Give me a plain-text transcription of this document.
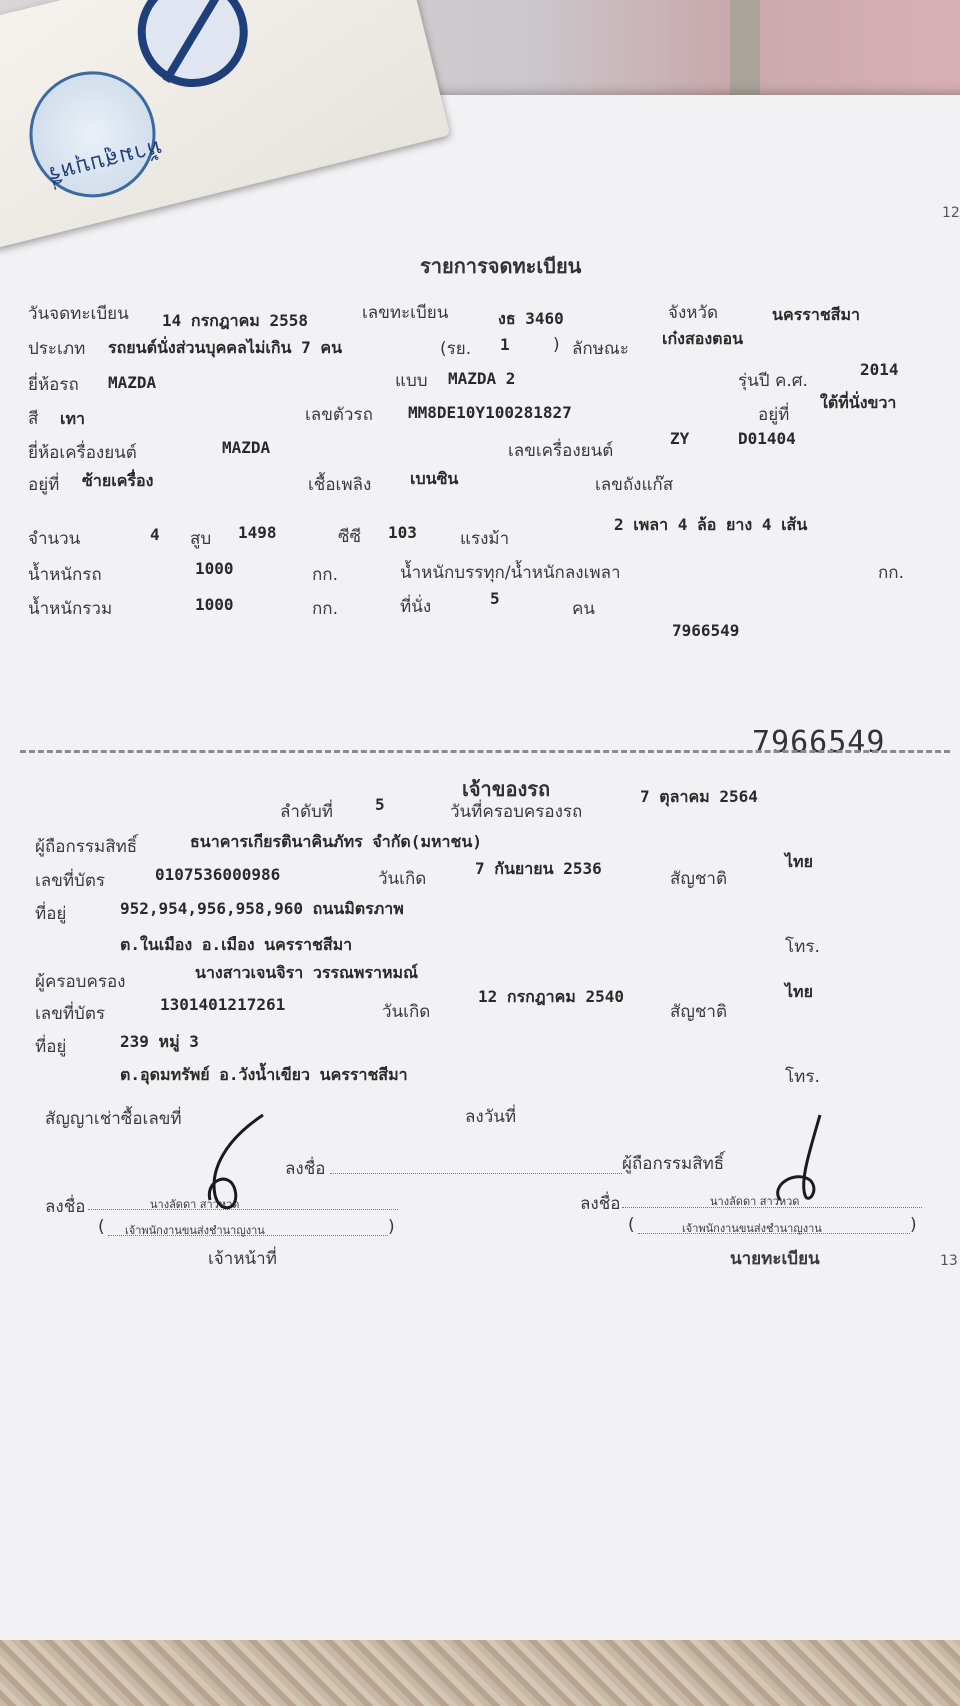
12
รายการจดทะเบียน
วันจดทะเบียน 14 กรกฎาคม 2558	เลขทะเบียน	งธ 3460	จังหวัด	นครราชสีมา
ประเภท รถยนต์นั่งส่วนบุคคลไม่เกิน 7 คน	(รย. 1	) ลักษณะ
เก๋งสองตอน
ยี่ห้อรถ MAZDA	แบบ MAZDA 2	รุ่นปี ค.ศ.
2014
สี เทา	เลขตัวรถ MM8DE10Y100281827	อยู่ที่
ใต้ที่นั่งขวา
ยี่ห้อเครื่องยนต์	MAZDA	เลขเครื่องยนต์
ZY	D01404
อยู่ที่ ซ้ายเครื่อง	เชื้อเพลิง เบนซิน	เลขถังแก๊ส
จำนวน	4 สูบ 1498	ซีซี 103	แรงม้า
2 เพลา 4 ล้อ ยาง 4 เส้น
น้ำหนักรถ	1000	กก.	น้ำหนักบรรทุก/น้ำหนักลงเพลา	กก.
น้ำหนักรวม	1000	กก.	ที่นั่ง	5
คน
7966549
7966549
เจ้าของรถ
ลำดับที่	5	วันที่ครอบครองรถ
7 ตุลาคม 2564
ผู้ถือกรรมสิทธิ์	ธนาคารเกียรตินาคินภัทร จำกัด(มหาชน)
เลขที่บัตร	0107536000986	วันเกิด
7 กันยายน 2536
สัญชาติ
ไทย
ที่อยู่	952,954,956,958,960 ถนนมิตรภาพ
ต.ในเมือง อ.เมือง นครราชสีมา	โทร.
ผู้ครอบครอง	นางสาวเจนจิรา วรรณพราหมณ์
เลขที่บัตร	1301401217261	วันเกิด
12 กรกฎาคม 2540
สัญชาติ
ไทย
ที่อยู่	239 หมู่ 3
ต.อุดมทรัพย์ อ.วังน้ำเขียว นครราชสีมา	โทร.
สัญญาเช่าซื้อเลขที่	ลงวันที่
ลงชื่อ	ผู้ถือกรรมสิทธิ์
ลงชื่อ	นางลัดดา สาวหวด
( เจ้าพนักงานขนส่งชำนาญงาน	)
เจ้าหน้าที่
ลงชื่อ	นางลัดดา สาวหวด
(	เจ้าพนักงานขนส่งชำนาญงาน	)
นายทะเบียน	13
ห้ามสูบบุหรี่
